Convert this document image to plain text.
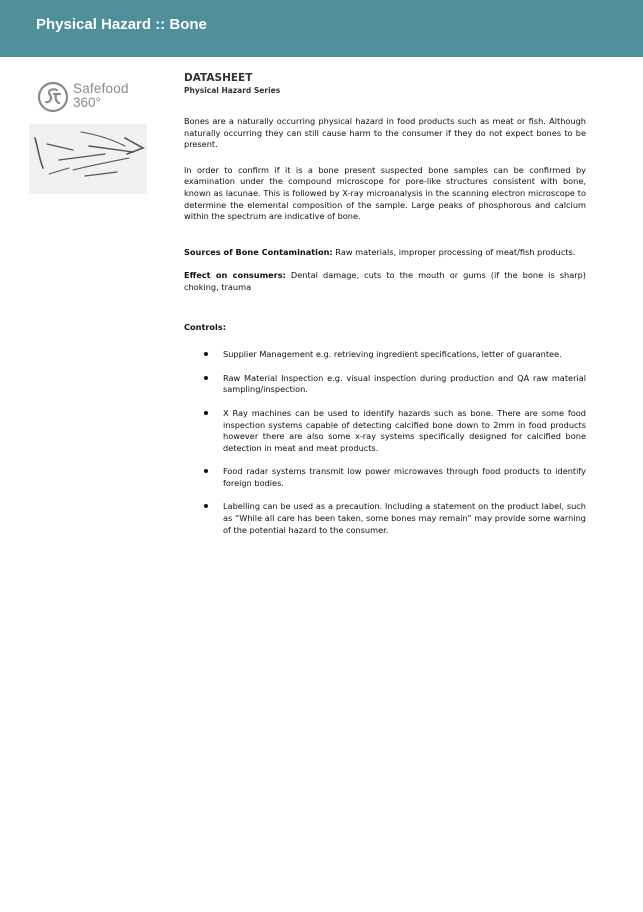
Physical Hazard :: Bone
Safefood
360°
DATASHEET
Physical Hazard Series

Bones are a naturally occurring physical hazard in food products such as meat or fish. Although naturally occurring they can still cause harm to the consumer if they do not expect bones to be present.

In order to confirm if it is a bone present suspected bone samples can be confirmed by examination under the compound microscope for pore-like structures consistent with bone, known as lacunae. This is followed by X-ray microanalysis in the scanning electron microscope to determine the elemental composition of the sample. Large peaks of phosphorous and calcium within the spectrum are indicative of bone.

Sources of Bone Contamination: Raw materials, improper processing of meat/fish products.

Effect on consumers: Dental damage, cuts to the mouth or gums (if the bone is sharp) choking, trauma

Controls:
Supplier Management e.g. retrieving ingredient specifications, letter of guarantee.
Raw Material Inspection e.g. visual inspection during production and QA raw material sampling/inspection.
X Ray machines can be used to identify hazards such as bone. There are some food inspection systems capable of detecting calcified bone down to 2mm in food products however there are also some x-ray systems specifically designed for calcified bone detection in meat and meat products.
Food radar systems transmit low power microwaves through food products to identify foreign bodies.
Labelling can be used as a precaution. Including a statement on the product label, such as “While all care has been taken, some bones may remain” may provide some warning of the potential hazard to the consumer.
